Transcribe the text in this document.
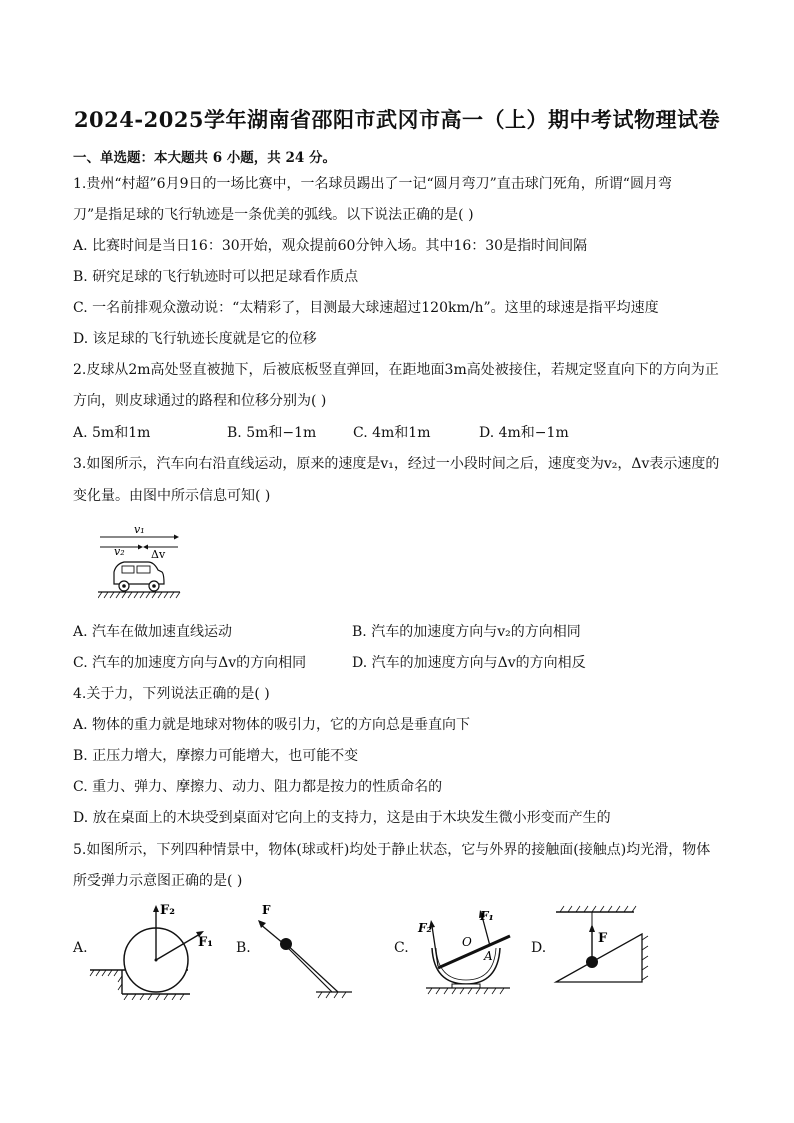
2024-2025学年湖南省邵阳市武冈市高一（上）期中考试物理试卷
一、单选题：本大题共 6 小题，共 24 分。
1.贵州“村超”6月9日的一场比赛中，一名球员踢出了一记“圆月弯刀”直击球门死角，所谓“圆月弯
刀”是指足球的飞行轨迹是一条优美的弧线。以下说法正确的是( )
A. 比赛时间是当日16：30开始，观众提前60分钟入场。其中16：30是指时间间隔
B. 研究足球的飞行轨迹时可以把足球看作质点
C. 一名前排观众激动说：“太精彩了，目测最大球速超过120km/h”。这里的球速是指平均速度
D. 该足球的飞行轨迹长度就是它的位移
2.皮球从2m高处竖直被抛下，后被底板竖直弹回，在距地面3m高处被接住，若规定竖直向下的方向为正
方向，则皮球通过的路程和位移分别为( )
A. 5m和1m	B. 5m和−1m	C. 4m和1m	D. 4m和−1m
3.如图所示，汽车向右沿直线运动，原来的速度是v₁，经过一小段时间之后，速度变为v₂，Δv表示速度的
变化量。由图中所示信息可知( )
v₁
v₂ Δv
A. 汽车在做加速直线运动	B. 汽车的加速度方向与v₂的方向相同
C. 汽车的加速度方向与Δv的方向相同	D. 汽车的加速度方向与Δv的方向相反
4.关于力，下列说法正确的是( )
A. 物体的重力就是地球对物体的吸引力，它的方向总是垂直向下
B. 正压力增大，摩擦力可能增大，也可能不变
C. 重力、弹力、摩擦力、动力、阻力都是按力的性质命名的
D. 放在桌面上的木块受到桌面对它向上的支持力，这是由于木块发生微小形变而产生的
5.如图所示，下列四种情景中，物体(球或杆)均处于静止状态，它与外界的接触面(接触点)均光滑，物体
所受弹力示意图正确的是( )
A.	B.	C.	D.
F₂
F₁
F
O
A
F₂
F₁
F
